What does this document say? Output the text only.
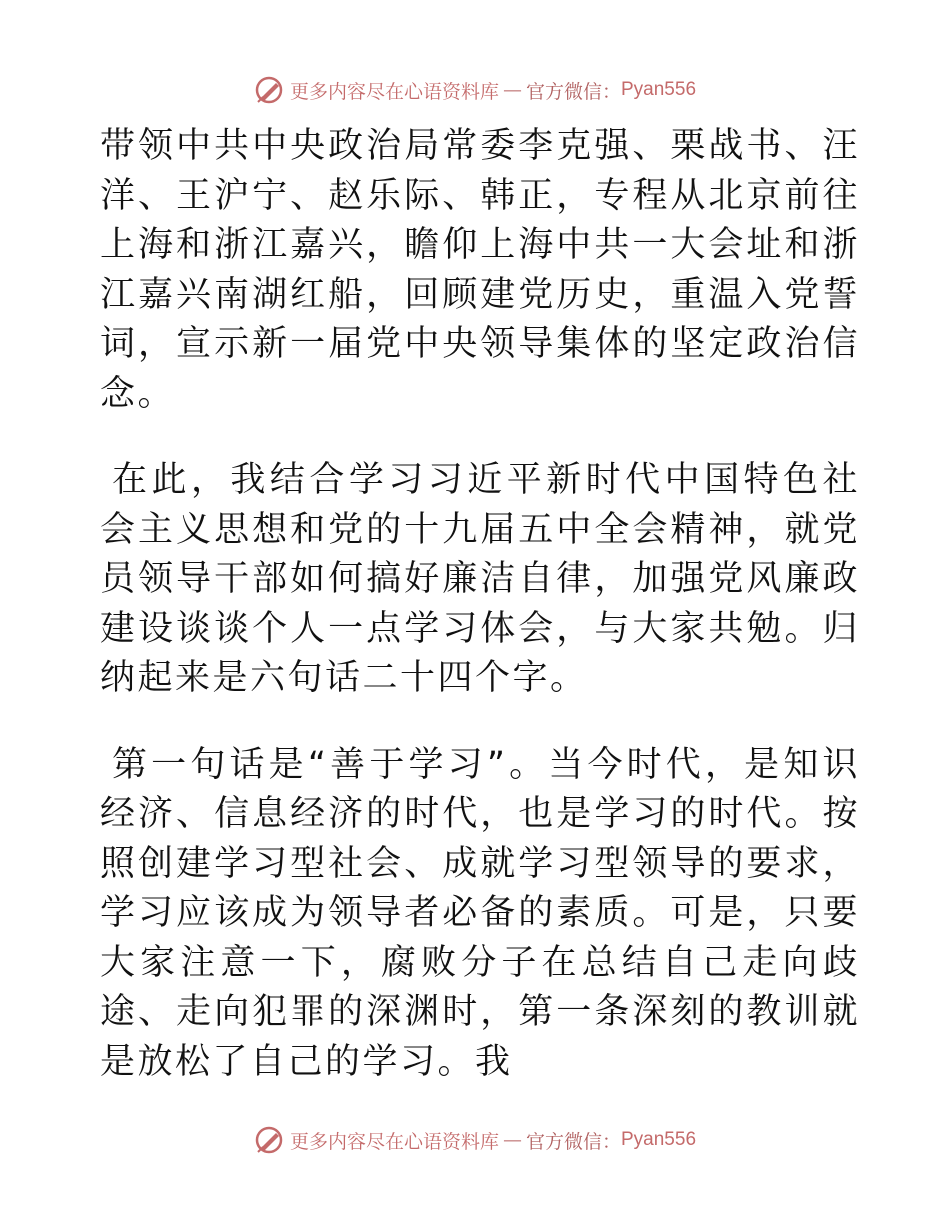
更多内容尽在心语资料库 — 官方微信： Pyan556

带领中共中央政治局常委李克强、栗战书、汪洋、王沪宁、赵乐际、韩正，专程从北京前往上海和浙江嘉兴，瞻仰上海中共一大会址和浙江嘉兴南湖红船，回顾建党历史，重温入党誓词，宣示新一届党中央领导集体的坚定政治信念。

在此，我结合学习习近平新时代中国特色社会主义思想和党的十九届五中全会精神，就党员领导干部如何搞好廉洁自律，加强党风廉政建设谈谈个人一点学习体会，与大家共勉。归纳起来是六句话二十四个字。

第一句话是“善于学习”。当今时代，是知识经济、信息经济的时代，也是学习的时代。按照创建学习型社会、成就学习型领导的要求，学习应该成为领导者必备的素质。可是，只要大家注意一下，腐败分子在总结自己走向歧途、走向犯罪的深渊时，第一条深刻的教训就是放松了自己的学习。我

更多内容尽在心语资料库 — 官方微信： Pyan556
